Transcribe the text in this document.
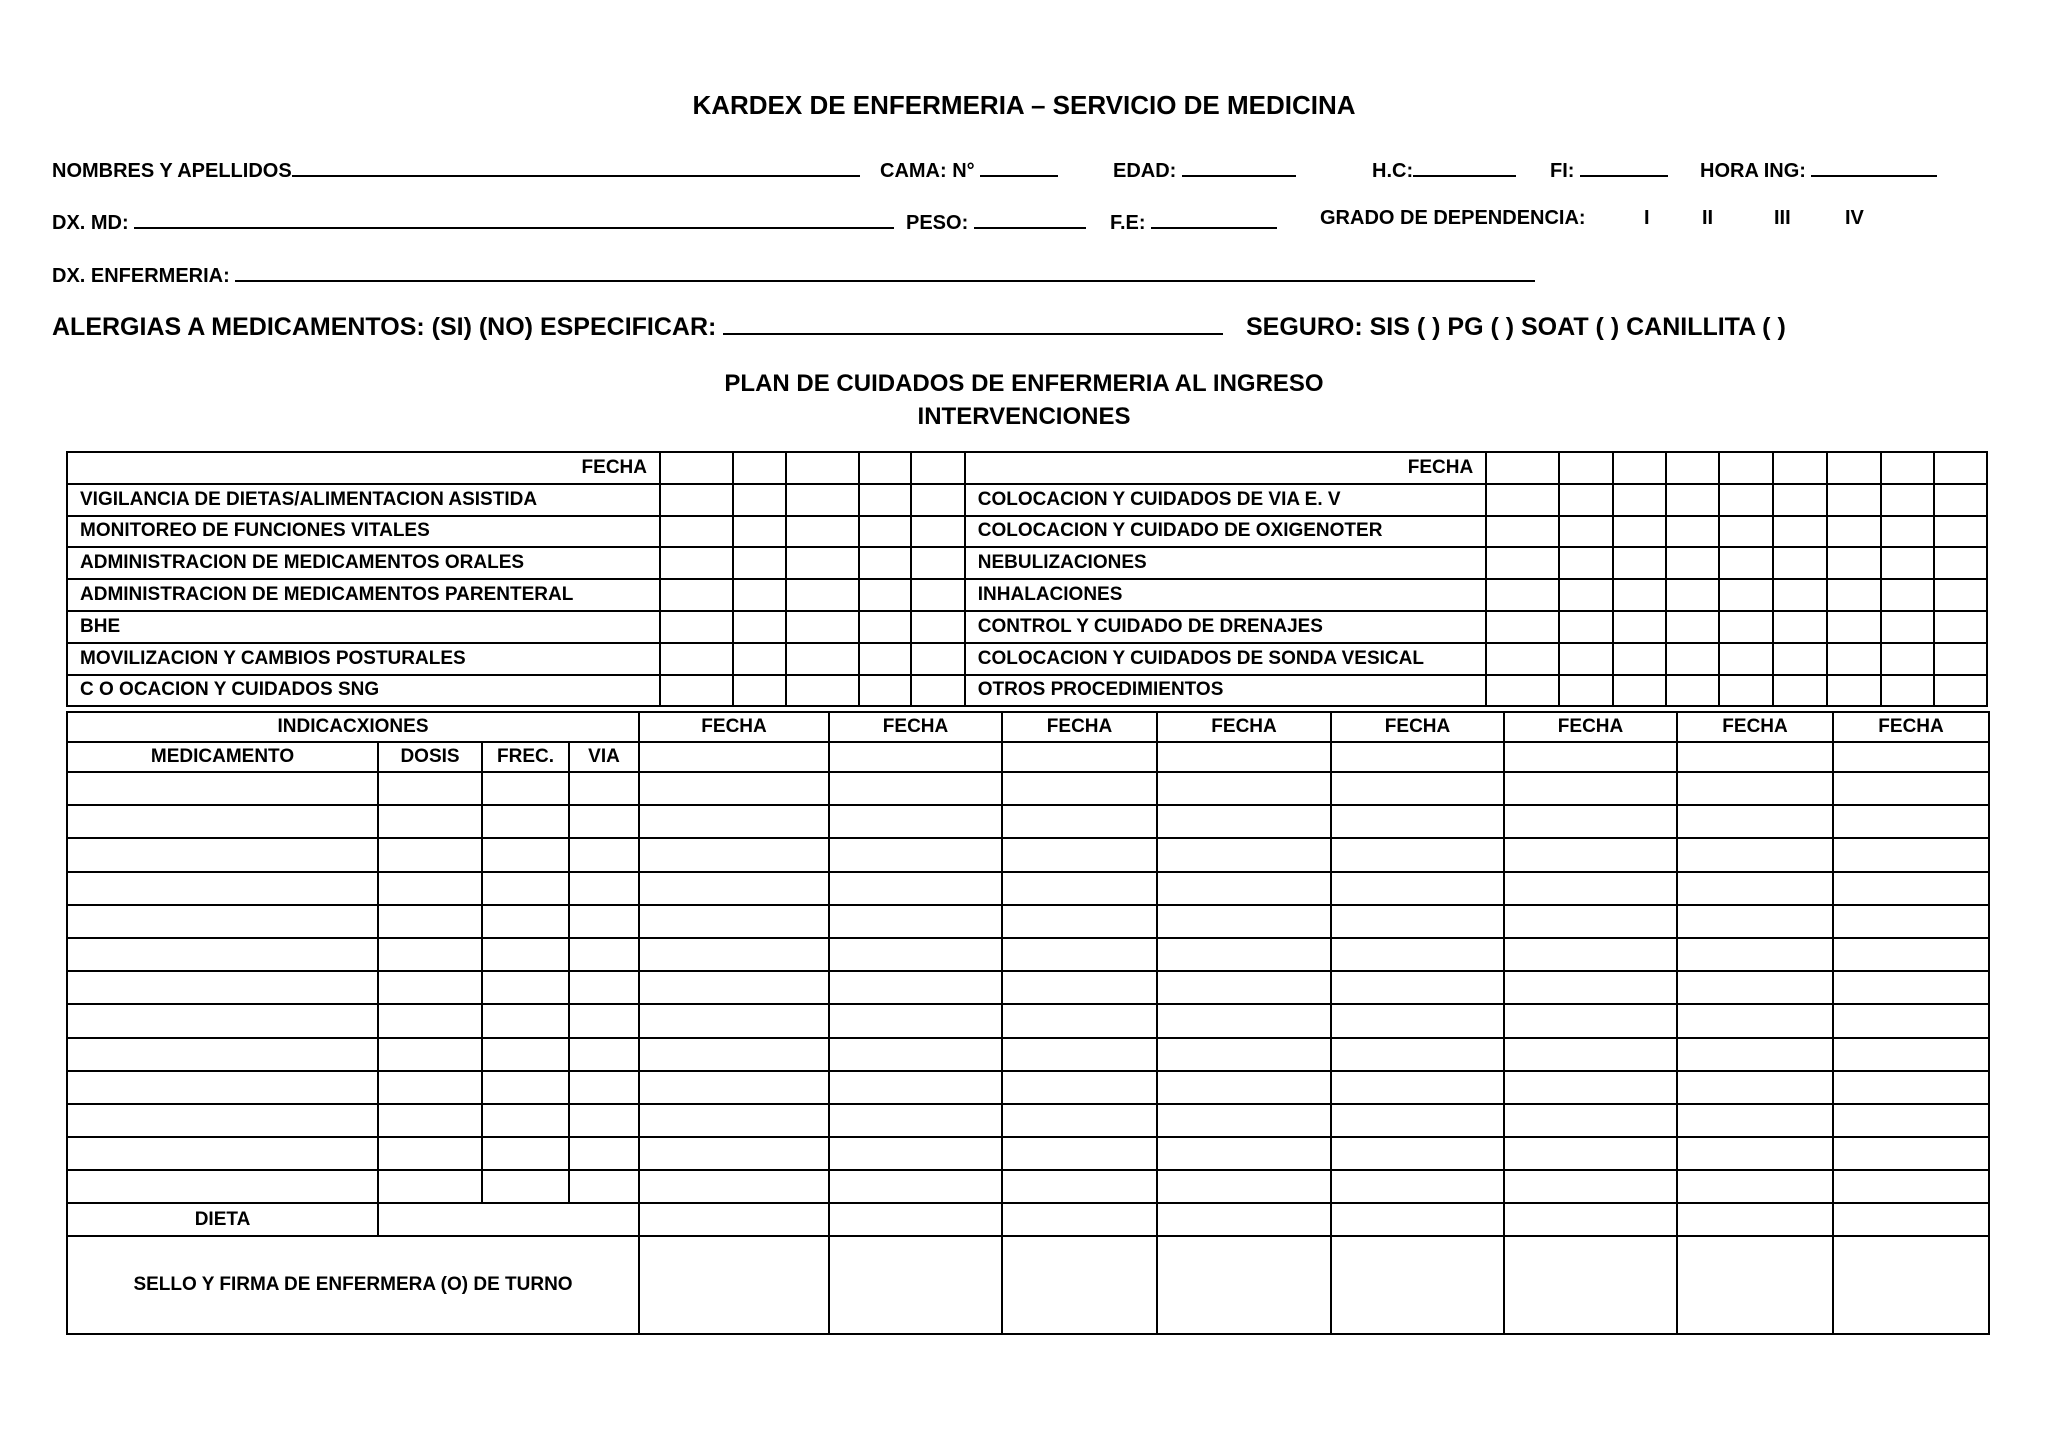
KARDEX DE ENFERMERIA – SERVICIO DE MEDICINA
NOMBRES Y APELLIDOS	CAMA: N°	EDAD:	H.C:	FI:	HORA ING:
DX. MD:	PESO:	F.E:	GRADO DE DEPENDENCIA:	I	II	III	IV
DX. ENFERMERIA:
ALERGIAS A MEDICAMENTOS: (SI) (NO) ESPECIFICAR:	SEGURO: SIS ( ) PG ( ) SOAT ( ) CANILLITA ( )
PLAN DE CUIDADOS DE ENFERMERIA AL INGRESO
INTERVENCIONES
FECHA						FECHA									
VIGILANCIA DE DIETAS/ALIMENTACION ASISTIDA						COLOCACION Y CUIDADOS DE VIA E. V									
MONITOREO DE FUNCIONES VITALES						COLOCACION Y CUIDADO DE OXIGENOTER									
ADMINISTRACION DE MEDICAMENTOS ORALES						NEBULIZACIONES									
ADMINISTRACION DE MEDICAMENTOS PARENTERAL						INHALACIONES									
BHE						CONTROL Y CUIDADO DE DRENAJES									
MOVILIZACION Y CAMBIOS POSTURALES						COLOCACION Y CUIDADOS DE SONDA VESICAL									
C O OCACION Y CUIDADOS SNG						OTROS PROCEDIMIENTOS									
INDICACXIONES				FECHA	FECHA	FECHA	FECHA	FECHA	FECHA	FECHA	FECHA
MEDICAMENTO	DOSIS	FREC.	VIA								

DIETA											
SELLO Y FIRMA DE ENFERMERA (O) DE TURNO											
